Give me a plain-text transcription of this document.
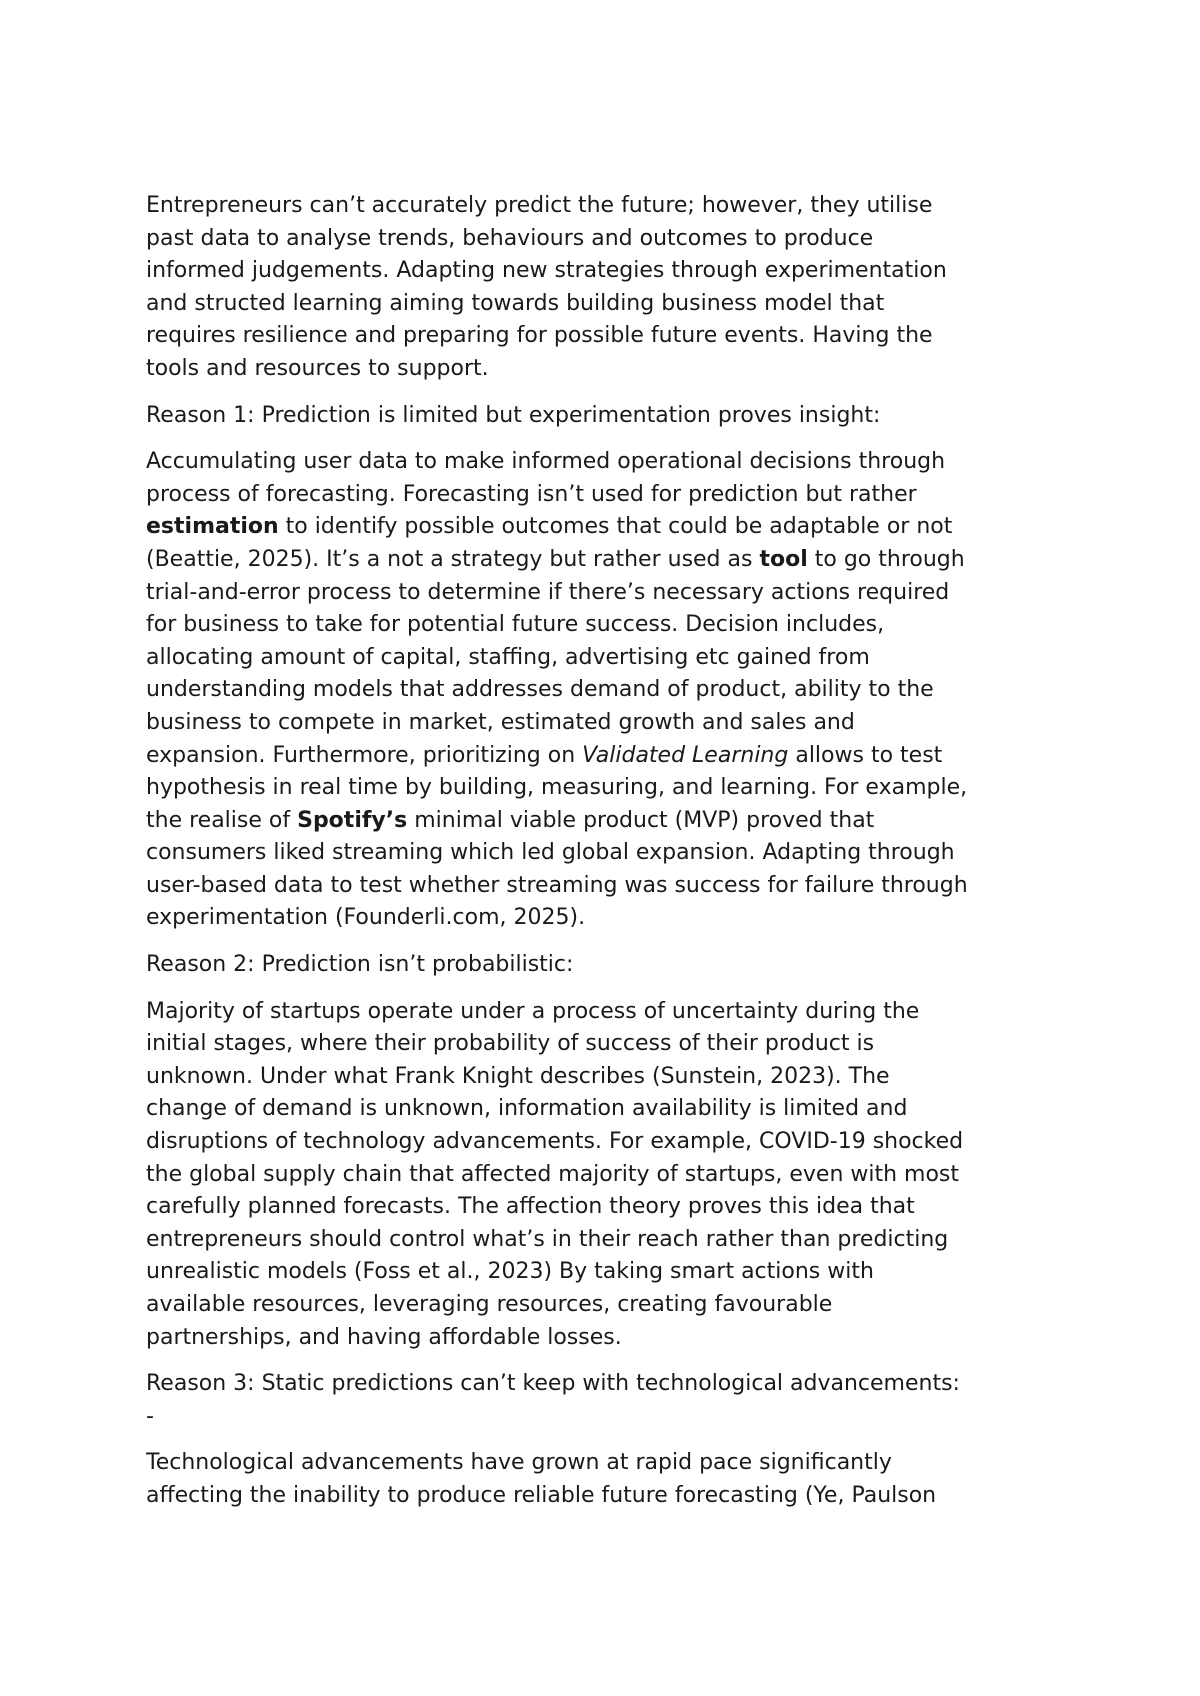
Entrepreneurs can’t accurately predict the future; however, they utilise
past data to analyse trends, behaviours and outcomes to produce
informed judgements. Adapting new strategies through experimentation
and structed learning aiming towards building business model that
requires resilience and preparing for possible future events. Having the
tools and resources to support.
Reason 1: Prediction is limited but experimentation proves insight:
Accumulating user data to make informed operational decisions through
process of forecasting. Forecasting isn’t used for prediction but rather
estimation to identify possible outcomes that could be adaptable or not
(Beattie, 2025). It’s a not a strategy but rather used as tool to go through
trial-and-error process to determine if there’s necessary actions required
for business to take for potential future success. Decision includes,
allocating amount of capital, staffing, advertising etc gained from
understanding models that addresses demand of product, ability to the
business to compete in market, estimated growth and sales and
expansion. Furthermore, prioritizing on Validated Learning allows to test
hypothesis in real time by building, measuring, and learning. For example,
the realise of Spotify’s minimal viable product (MVP) proved that
consumers liked streaming which led global expansion. Adapting through
user-based data to test whether streaming was success for failure through
experimentation (Founderli.com, 2025).
Reason 2: Prediction isn’t probabilistic:
Majority of startups operate under a process of uncertainty during the
initial stages, where their probability of success of their product is
unknown. Under what Frank Knight describes (Sunstein, 2023). The
change of demand is unknown, information availability is limited and
disruptions of technology advancements. For example, COVID-19 shocked
the global supply chain that affected majority of startups, even with most
carefully planned forecasts. The affection theory proves this idea that
entrepreneurs should control what’s in their reach rather than predicting
unrealistic models (Foss et al., 2023) By taking smart actions with
available resources, leveraging resources, creating favourable
partnerships, and having affordable losses.
Reason 3: Static predictions can’t keep with technological advancements:
-
Technological advancements have grown at rapid pace significantly
affecting the inability to produce reliable future forecasting (Ye, Paulson
